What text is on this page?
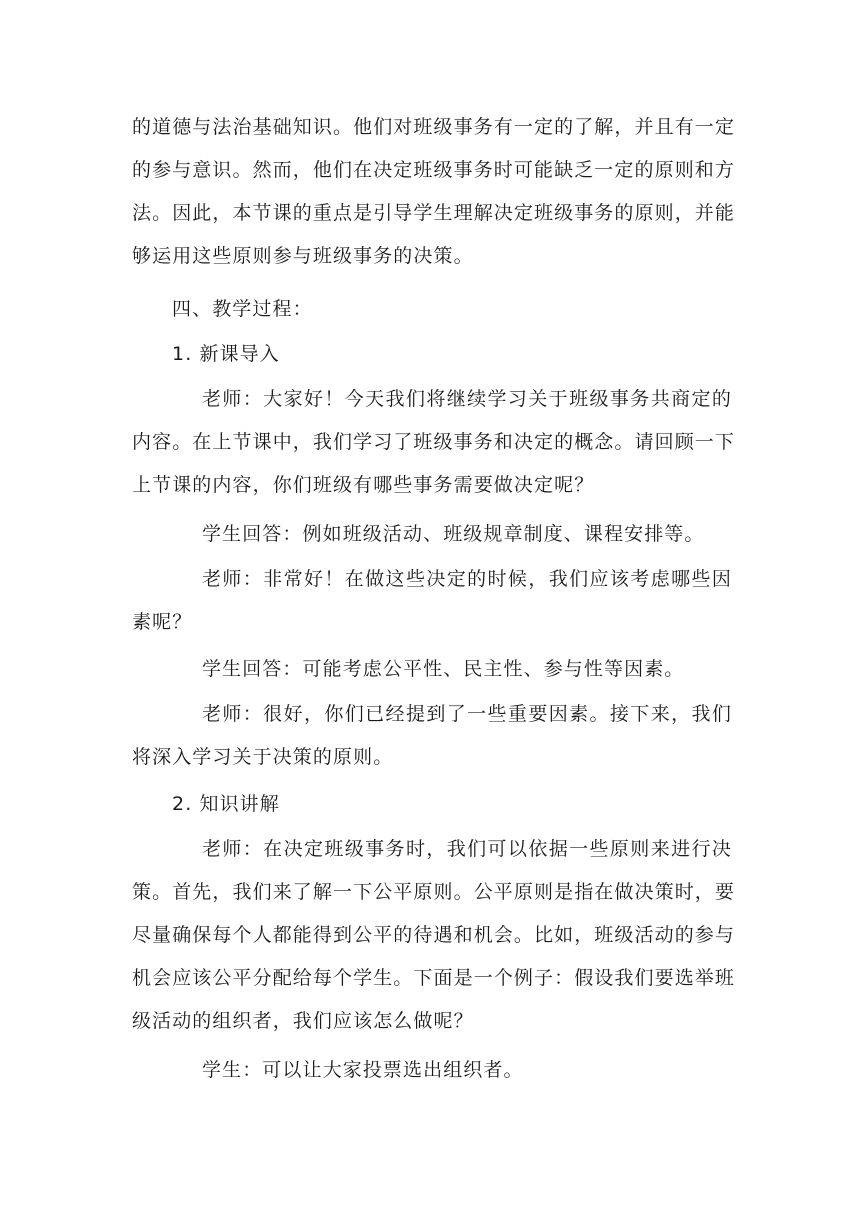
的道德与法治基础知识。他们对班级事务有一定的了解，并且有一定
的参与意识。然而，他们在决定班级事务时可能缺乏一定的原则和方
法。因此，本节课的重点是引导学生理解决定班级事务的原则，并能
够运用这些原则参与班级事务的决策。
四、教学过程：
1. 新课导入
老师：大家好！今天我们将继续学习关于班级事务共商定的
内容。在上节课中，我们学习了班级事务和决定的概念。请回顾一下
上节课的内容，你们班级有哪些事务需要做决定呢？
学生回答：例如班级活动、班级规章制度、课程安排等。
老师：非常好！在做这些决定的时候，我们应该考虑哪些因
素呢？
学生回答：可能考虑公平性、民主性、参与性等因素。
老师：很好，你们已经提到了一些重要因素。接下来，我们
将深入学习关于决策的原则。
2. 知识讲解
老师：在决定班级事务时，我们可以依据一些原则来进行决
策。首先，我们来了解一下公平原则。公平原则是指在做决策时，要
尽量确保每个人都能得到公平的待遇和机会。比如，班级活动的参与
机会应该公平分配给每个学生。下面是一个例子：假设我们要选举班
级活动的组织者，我们应该怎么做呢？
学生：可以让大家投票选出组织者。
